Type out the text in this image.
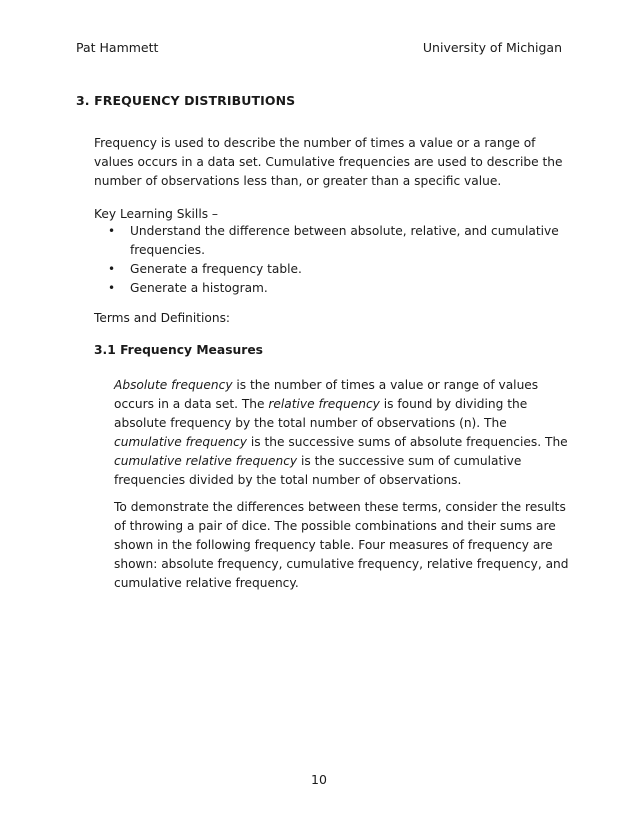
Pat Hammett	University of Michigan
3. FREQUENCY DISTRIBUTIONS

Frequency is used to describe the number of times a value or a range of values occurs in a data set. Cumulative frequencies are used to describe the number of observations less than, or greater than a specific value.

Key Learning Skills –

• Understand the difference between absolute, relative, and cumulative frequencies.
• Generate a frequency table.
• Generate a histogram.

Terms and Definitions:

3.1 Frequency Measures

Absolute frequency is the number of times a value or range of values occurs in a data set. The relative frequency is found by dividing the absolute frequency by the total number of observations (n). The cumulative frequency is the successive sums of absolute frequencies. The cumulative relative frequency is the successive sum of cumulative frequencies divided by the total number of observations.

To demonstrate the differences between these terms, consider the results of throwing a pair of dice. The possible combinations and their sums are shown in the following frequency table. Four measures of frequency are shown: absolute frequency, cumulative frequency, relative frequency, and cumulative relative frequency.

10
